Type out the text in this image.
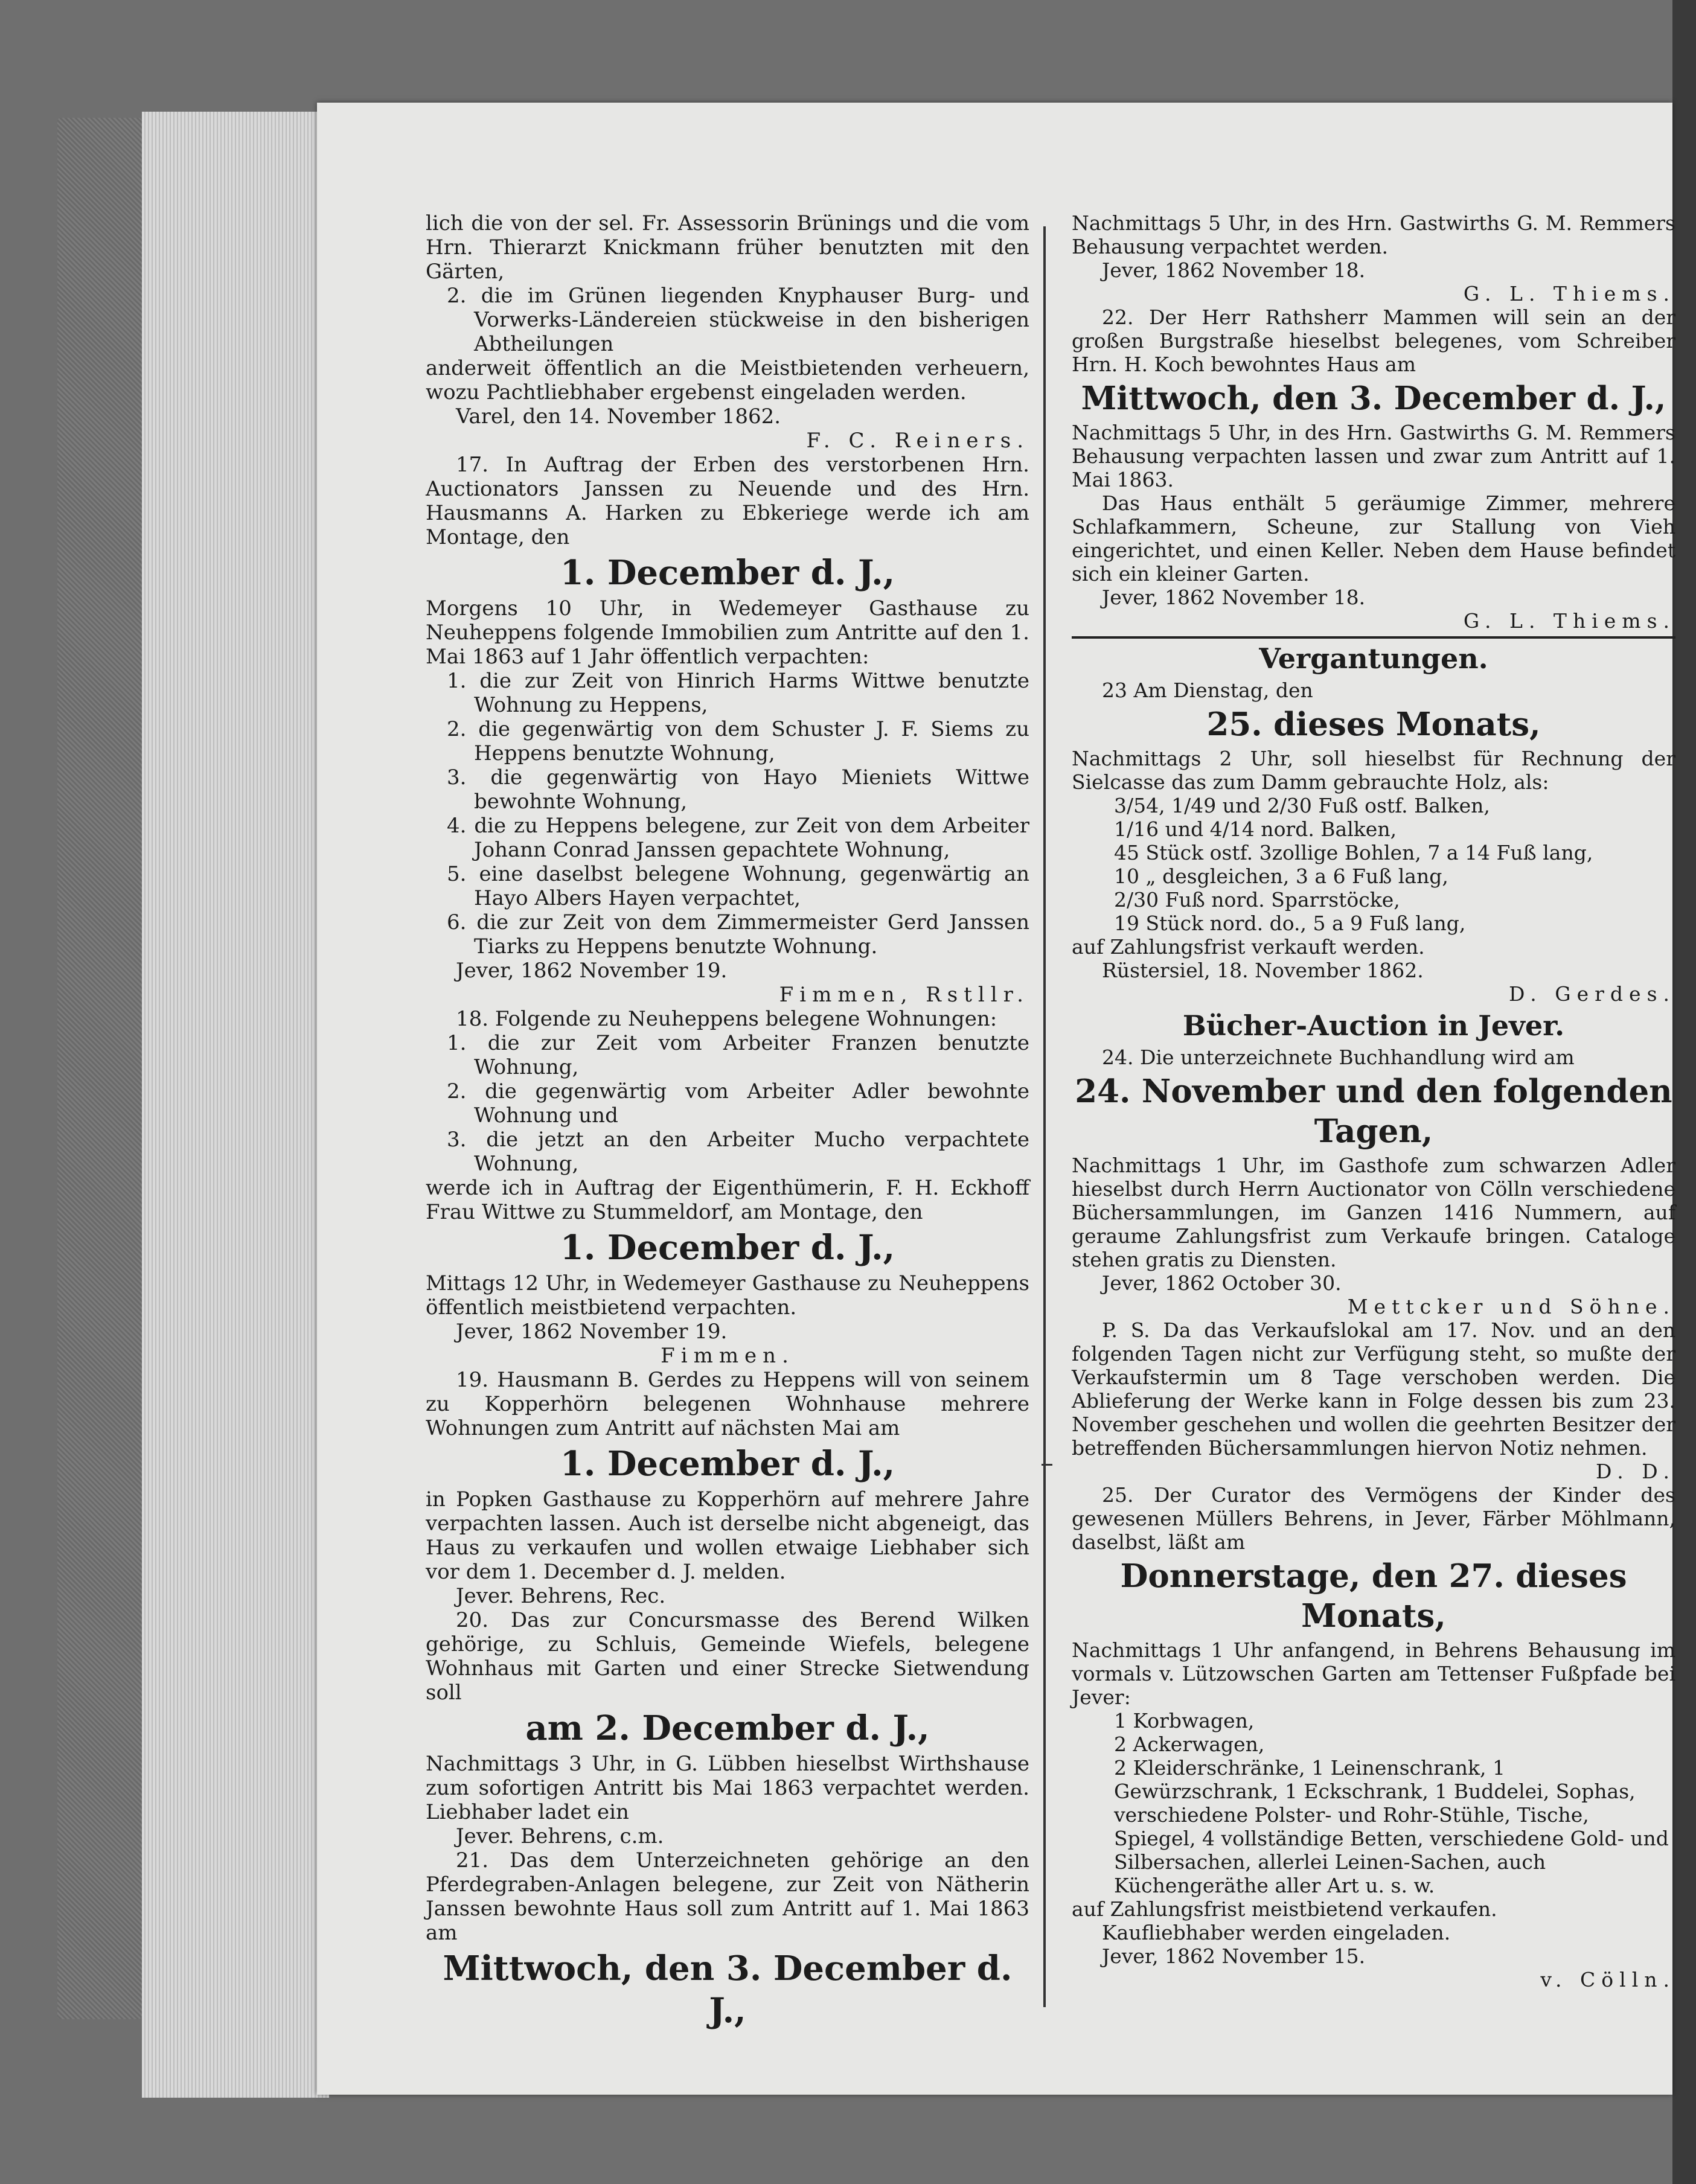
lich die von der sel. Fr. Assessorin Brünings und die vom Hrn. Thierarzt Knickmann früher benutzten mit den Gärten,

2. die im Grünen liegenden Knyphauser Burg- und Vorwerks-Ländereien stückweise in den bisherigen Abtheilungen

anderweit öffentlich an die Meistbietenden verheuern, wozu Pachtliebhaber ergebenst eingeladen werden.

Varel, den 14. November 1862.

F. C. Reiners.

17. In Auftrag der Erben des verstorbenen Hrn. Auctionators Janssen zu Neuende und des Hrn. Hausmanns A. Harken zu Ebkeriege werde ich am Montage, den

1. December d. J.,

Morgens 10 Uhr, in Wedemeyer Gasthause zu Neuheppens folgende Immobilien zum Antritte auf den 1. Mai 1863 auf 1 Jahr öffentlich verpachten:

1. die zur Zeit von Hinrich Harms Wittwe benutzte Wohnung zu Heppens,

2. die gegenwärtig von dem Schuster J. F. Siems zu Heppens benutzte Wohnung,

3. die gegenwärtig von Hayo Mieniets Wittwe bewohnte Wohnung,

4. die zu Heppens belegene, zur Zeit von dem Arbeiter Johann Conrad Janssen gepachtete Wohnung,

5. eine daselbst belegene Wohnung, gegenwärtig an Hayo Albers Hayen verpachtet,

6. die zur Zeit von dem Zimmermeister Gerd Janssen Tiarks zu Heppens benutzte Wohnung.

Jever, 1862 November 19.

Fimmen, Rstllr.

18. Folgende zu Neuheppens belegene Wohnungen:

1. die zur Zeit vom Arbeiter Franzen benutzte Wohnung,

2. die gegenwärtig vom Arbeiter Adler bewohnte Wohnung und

3. die jetzt an den Arbeiter Mucho verpachtete Wohnung,

werde ich in Auftrag der Eigenthümerin, F. H. Eckhoff Frau Wittwe zu Stummeldorf, am Montage, den

1. December d. J.,

Mittags 12 Uhr, in Wedemeyer Gasthause zu Neuheppens öffentlich meistbietend verpachten.

Jever, 1862 November 19.

Fimmen.

19. Hausmann B. Gerdes zu Heppens will von seinem zu Kopperhörn belegenen Wohnhause mehrere Wohnungen zum Antritt auf nächsten Mai am

1. December d. J.,

in Popken Gasthause zu Kopperhörn auf mehrere Jahre verpachten lassen. Auch ist derselbe nicht abgeneigt, das Haus zu verkaufen und wollen etwaige Liebhaber sich vor dem 1. December d. J. melden.

Jever. Behrens, Rec.

20. Das zur Concursmasse des Berend Wilken gehörige, zu Schluis, Gemeinde Wiefels, belegene Wohnhaus mit Garten und einer Strecke Sietwendung soll

am 2. December d. J.,

Nachmittags 3 Uhr, in G. Lübben hieselbst Wirthshause zum sofortigen Antritt bis Mai 1863 verpachtet werden. Liebhaber ladet ein

Jever. Behrens, c.m.

21. Das dem Unterzeichneten gehörige an den Pferdegraben-Anlagen belegene, zur Zeit von Nätherin Janssen bewohnte Haus soll zum Antritt auf 1. Mai 1863 am

Mittwoch, den 3. December d. J.,

Nachmittags 5 Uhr, in des Hrn. Gastwirths G. M. Remmers Behausung verpachtet werden.

Jever, 1862 November 18.

G. L. Thiems.

22. Der Herr Rathsherr Mammen will sein an der großen Burgstraße hieselbst belegenes, vom Schreiber Hrn. H. Koch bewohntes Haus am

Mittwoch, den 3. December d. J.,

Nachmittags 5 Uhr, in des Hrn. Gastwirths G. M. Remmers Behausung verpachten lassen und zwar zum Antritt auf 1. Mai 1863.

Das Haus enthält 5 geräumige Zimmer, mehrere Schlafkammern, Scheune, zur Stallung von Vieh eingerichtet, und einen Keller. Neben dem Hause befindet sich ein kleiner Garten.

Jever, 1862 November 18.

G. L. Thiems.

Vergantungen.

23 Am Dienstag, den

25. dieses Monats,

Nachmittags 2 Uhr, soll hieselbst für Rechnung der Sielcasse das zum Damm gebrauchte Holz, als:

3/54, 1/49 und 2/30 Fuß ostf. Balken,

1/16 und 4/14 nord. Balken,

45 Stück ostf. 3zollige Bohlen, 7 a 14 Fuß lang,

10 „ desgleichen, 3 a 6 Fuß lang,

2/30 Fuß nord. Sparrstöcke,

19 Stück nord. do., 5 a 9 Fuß lang,

auf Zahlungsfrist verkauft werden.

Rüstersiel, 18. November 1862.

D. Gerdes.

Bücher-Auction in Jever.

24. Die unterzeichnete Buchhandlung wird am

24. November und den folgenden Tagen,

Nachmittags 1 Uhr, im Gasthofe zum schwarzen Adler hieselbst durch Herrn Auctionator von Cölln verschiedene Büchersammlungen, im Ganzen 1416 Nummern, auf geraume Zahlungsfrist zum Verkaufe bringen. Cataloge stehen gratis zu Diensten.

Jever, 1862 October 30.

Mettcker und Söhne.

P. S. Da das Verkaufslokal am 17. Nov. und an den folgenden Tagen nicht zur Verfügung steht, so mußte der Verkaufstermin um 8 Tage verschoben werden. Die Ablieferung der Werke kann in Folge dessen bis zum 23. November geschehen und wollen die geehrten Besitzer der betreffenden Büchersammlungen hiervon Notiz nehmen.

D. D.

25. Der Curator des Vermögens der Kinder des gewesenen Müllers Behrens, in Jever, Färber Möhlmann, daselbst, läßt am

Donnerstage, den 27. dieses Monats,

Nachmittags 1 Uhr anfangend, in Behrens Behausung im vormals v. Lützowschen Garten am Tettenser Fußpfade bei Jever:

1 Korbwagen,

2 Ackerwagen,

2 Kleiderschränke, 1 Leinenschrank, 1 Gewürzschrank, 1 Eckschrank, 1 Buddelei, Sophas, verschiedene Polster- und Rohr-Stühle, Tische, Spiegel, 4 vollständige Betten, verschiedene Gold- und Silbersachen, allerlei Leinen-Sachen, auch Küchengeräthe aller Art u. s. w.

auf Zahlungsfrist meistbietend verkaufen.

Kaufliebhaber werden eingeladen.

Jever, 1862 November 15.

v. Cölln.
